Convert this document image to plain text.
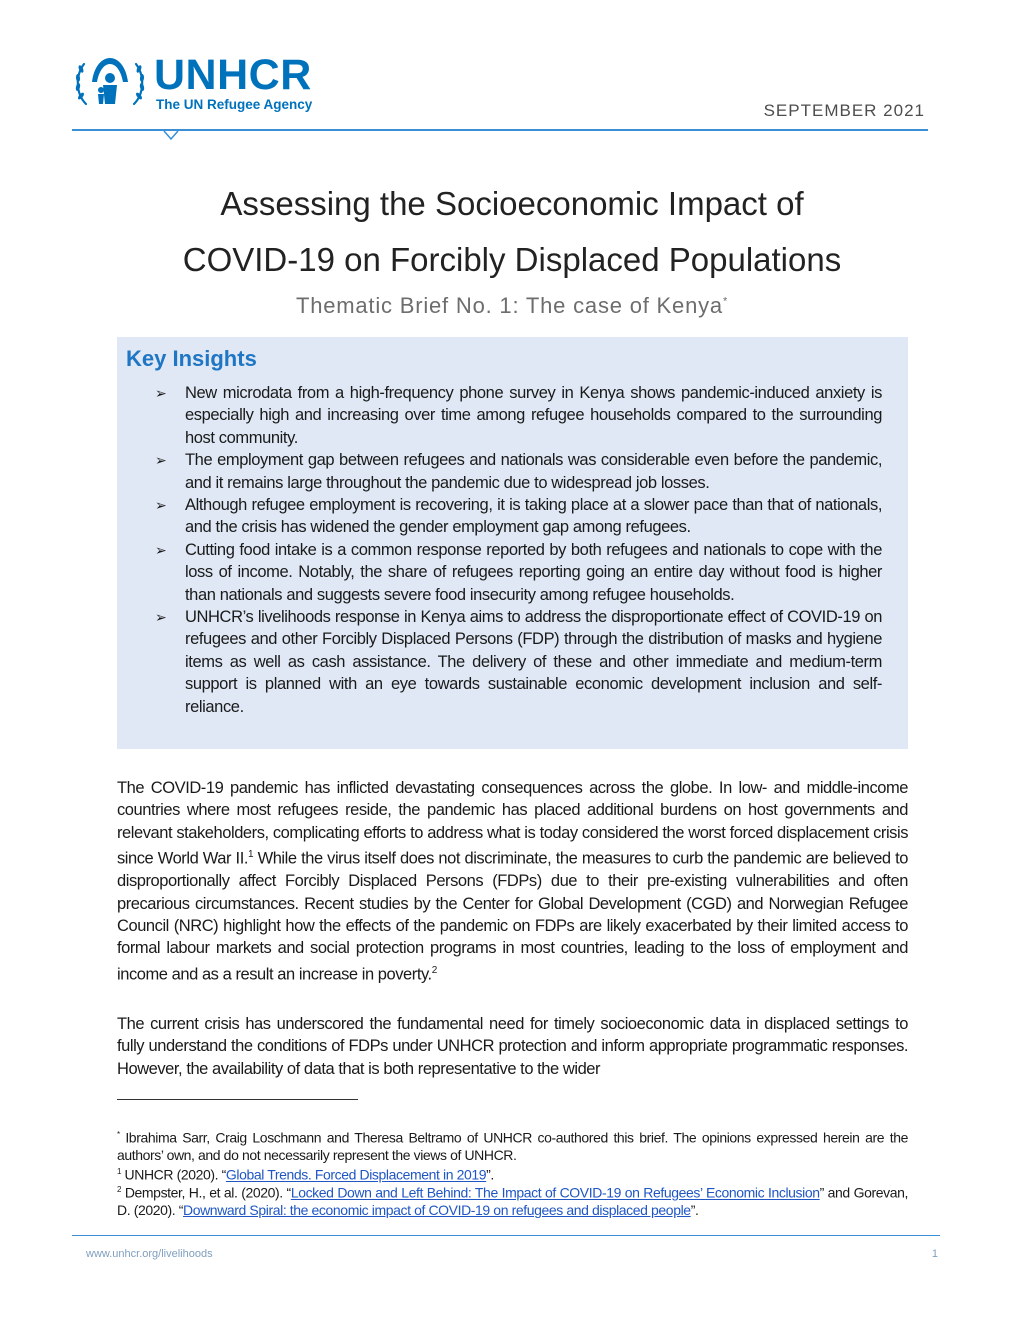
UNHCR
The UN Refugee Agency	SEPTEMBER 2021
Assessing the Socioeconomic Impact of
COVID-19 on Forcibly Displaced Populations
Thematic Brief No. 1: The case of Kenya*
Key Insights
➢ New microdata from a high-frequency phone survey in Kenya shows pandemic-induced anxiety is especially high and increasing over time among refugee households compared to the surrounding host community.
➢ The employment gap between refugees and nationals was considerable even before the pandemic, and it remains large throughout the pandemic due to widespread job losses.
➢ Although refugee employment is recovering, it is taking place at a slower pace than that of nationals, and the crisis has widened the gender employment gap among refugees.
➢ Cutting food intake is a common response reported by both refugees and nationals to cope with the loss of income. Notably, the share of refugees reporting going an entire day without food is higher than nationals and suggests severe food insecurity among refugee households.
➢ UNHCR’s livelihoods response in Kenya aims to address the disproportionate effect of COVID-19 on refugees and other Forcibly Displaced Persons (FDP) through the distribution of masks and hygiene items as well as cash assistance. The delivery of these and other immediate and medium-term support is planned with an eye towards sustainable economic development inclusion and self-reliance.

The COVID-19 pandemic has inflicted devastating consequences across the globe. In low- and middle-income countries where most refugees reside, the pandemic has placed additional burdens on host governments and relevant stakeholders, complicating efforts to address what is today considered the worst forced displacement crisis since World War II.$^1$ While the virus itself does not discriminate, the measures to curb the pandemic are believed to disproportionally affect Forcibly Displaced Persons (FDPs) due to their pre-existing vulnerabilities and often precarious circumstances. Recent studies by the Center for Global Development (CGD) and Norwegian Refugee Council (NRC) highlight how the effects of the pandemic on FDPs are likely exacerbated by their limited access to formal labour markets and social protection programs in most countries, leading to the loss of employment and income and as a result an increase in poverty.$^2$

The current crisis has underscored the fundamental need for timely socioeconomic data in displaced settings to fully understand the conditions of FDPs under UNHCR protection and inform appropriate programmatic responses. However, the availability of data that is both representative to the wider

* Ibrahima Sarr, Craig Loschmann and Theresa Beltramo of UNHCR co-authored this brief. The opinions expressed herein are the authors’ own, and do not necessarily represent the views of UNHCR.

$^1$ UNHCR (2020). “Global Trends. Forced Displacement in 2019”.

$^2$ Dempster, H., et al. (2020). “Locked Down and Left Behind: The Impact of COVID-19 on Refugees’ Economic Inclusion” and Gorevan, D. (2020). “Downward Spiral: the economic impact of COVID-19 on refugees and displaced people”.

www.unhcr.org/livelihoods	1
